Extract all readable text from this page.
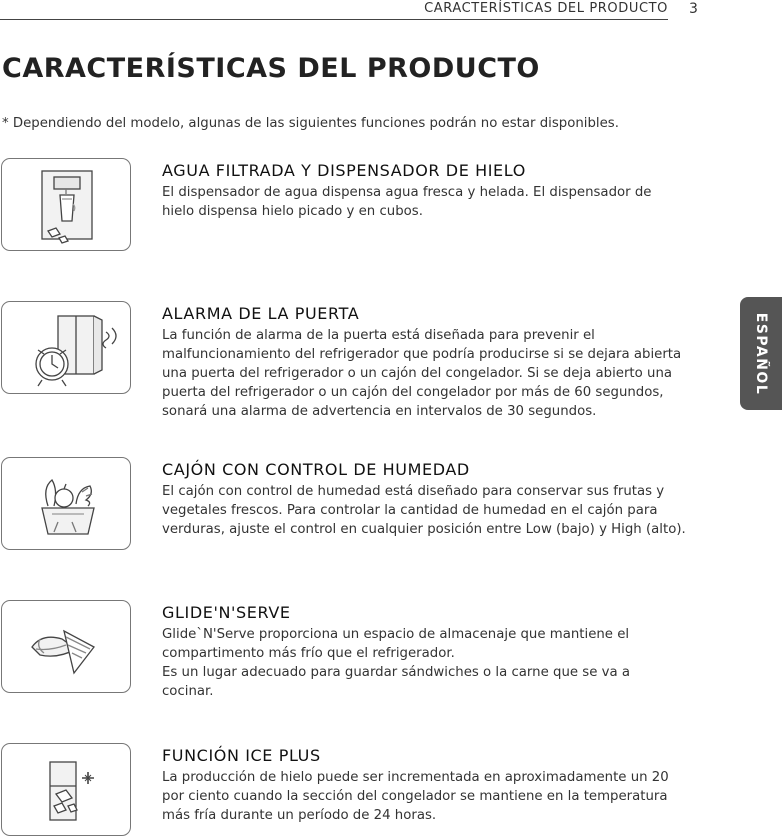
CARACTERÍSTICAS DEL PRODUCTO 3
CARACTERÍSTICAS DEL PRODUCTO
* Dependiendo del modelo, algunas de las siguientes funciones podrán no estar disponibles.
ESPAÑOL
AGUA FILTRADA Y DISPENSADOR DE HIELO

El dispensador de agua dispensa agua fresca y helada. El dispensador de
hielo dispensa hielo picado y en cubos.

ALARMA DE LA PUERTA

La función de alarma de la puerta está diseñada para prevenir el
malfuncionamiento del refrigerador que podría producirse si se dejara abierta
una puerta del refrigerador o un cajón del congelador. Si se deja abierto una
puerta del refrigerador o un cajón del congelador por más de 60 segundos,
sonará una alarma de advertencia en intervalos de 30 segundos.

CAJÓN CON CONTROL DE HUMEDAD

El cajón con control de humedad está diseñado para conservar sus frutas y
vegetales frescos. Para controlar la cantidad de humedad en el cajón para
verduras, ajuste el control en cualquier posición entre Low (bajo) y High (alto).

GLIDE'N'SERVE

Glide`N'Serve proporciona un espacio de almacenaje que mantiene el
compartimento más frío que el refrigerador.
Es un lugar adecuado para guardar sándwiches o la carne que se va a
cocinar.

FUNCIÓN ICE PLUS

La producción de hielo puede ser incrementada en aproximadamente un 20
por ciento cuando la sección del congelador se mantiene en la temperatura
más fría durante un período de 24 horas.
